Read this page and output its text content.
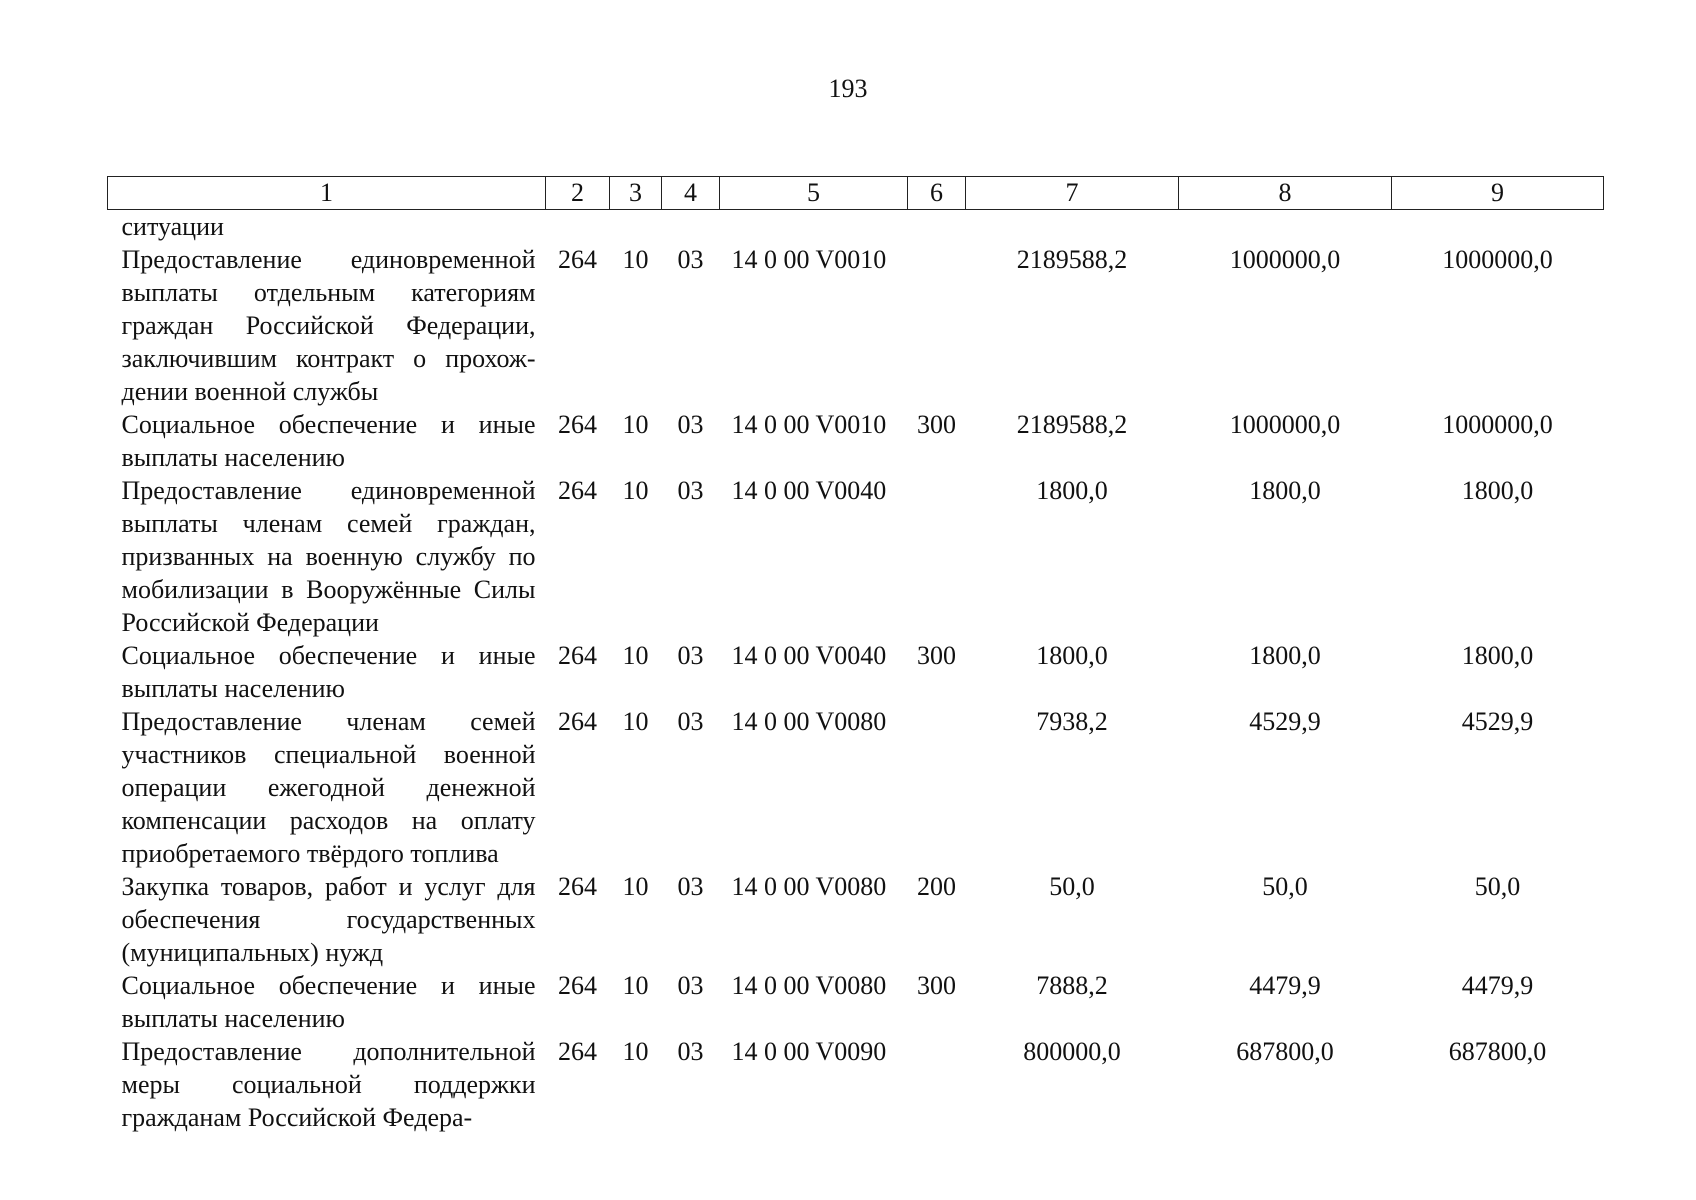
193
1	2	3	4	5	6	7	8	9
ситуации								
Предоставление единовременной выплаты отдельным категориям граждан Российской Федерации, заключившим контракт о прохождении военной службы	264	10	03	14 0 00 V0010		2189588,2	1000000,0	1000000,0
Социальное обеспечение и иные выплаты населению	264	10	03	14 0 00 V0010	300	2189588,2	1000000,0	1000000,0
Предоставление единовременной выплаты членам семей граждан, призванных на военную службу по мобилизации в Вооружённые Силы Российской Федерации	264	10	03	14 0 00 V0040		1800,0	1800,0	1800,0
Социальное обеспечение и иные выплаты населению	264	10	03	14 0 00 V0040	300	1800,0	1800,0	1800,0
Предоставление членам семей участников специальной военной операции ежегодной денежной компенсации расходов на оплату приобретаемого твёрдого топлива	264	10	03	14 0 00 V0080		7938,2	4529,9	4529,9
Закупка товаров, работ и услуг для обеспечения государственных (муниципальных) нужд	264	10	03	14 0 00 V0080	200	50,0	50,0	50,0
Социальное обеспечение и иные выплаты населению	264	10	03	14 0 00 V0080	300	7888,2	4479,9	4479,9
Предоставление дополнительной меры социальной поддержки гражданам Российской Федера-	264	10	03	14 0 00 V0090		800000,0	687800,0	687800,0
